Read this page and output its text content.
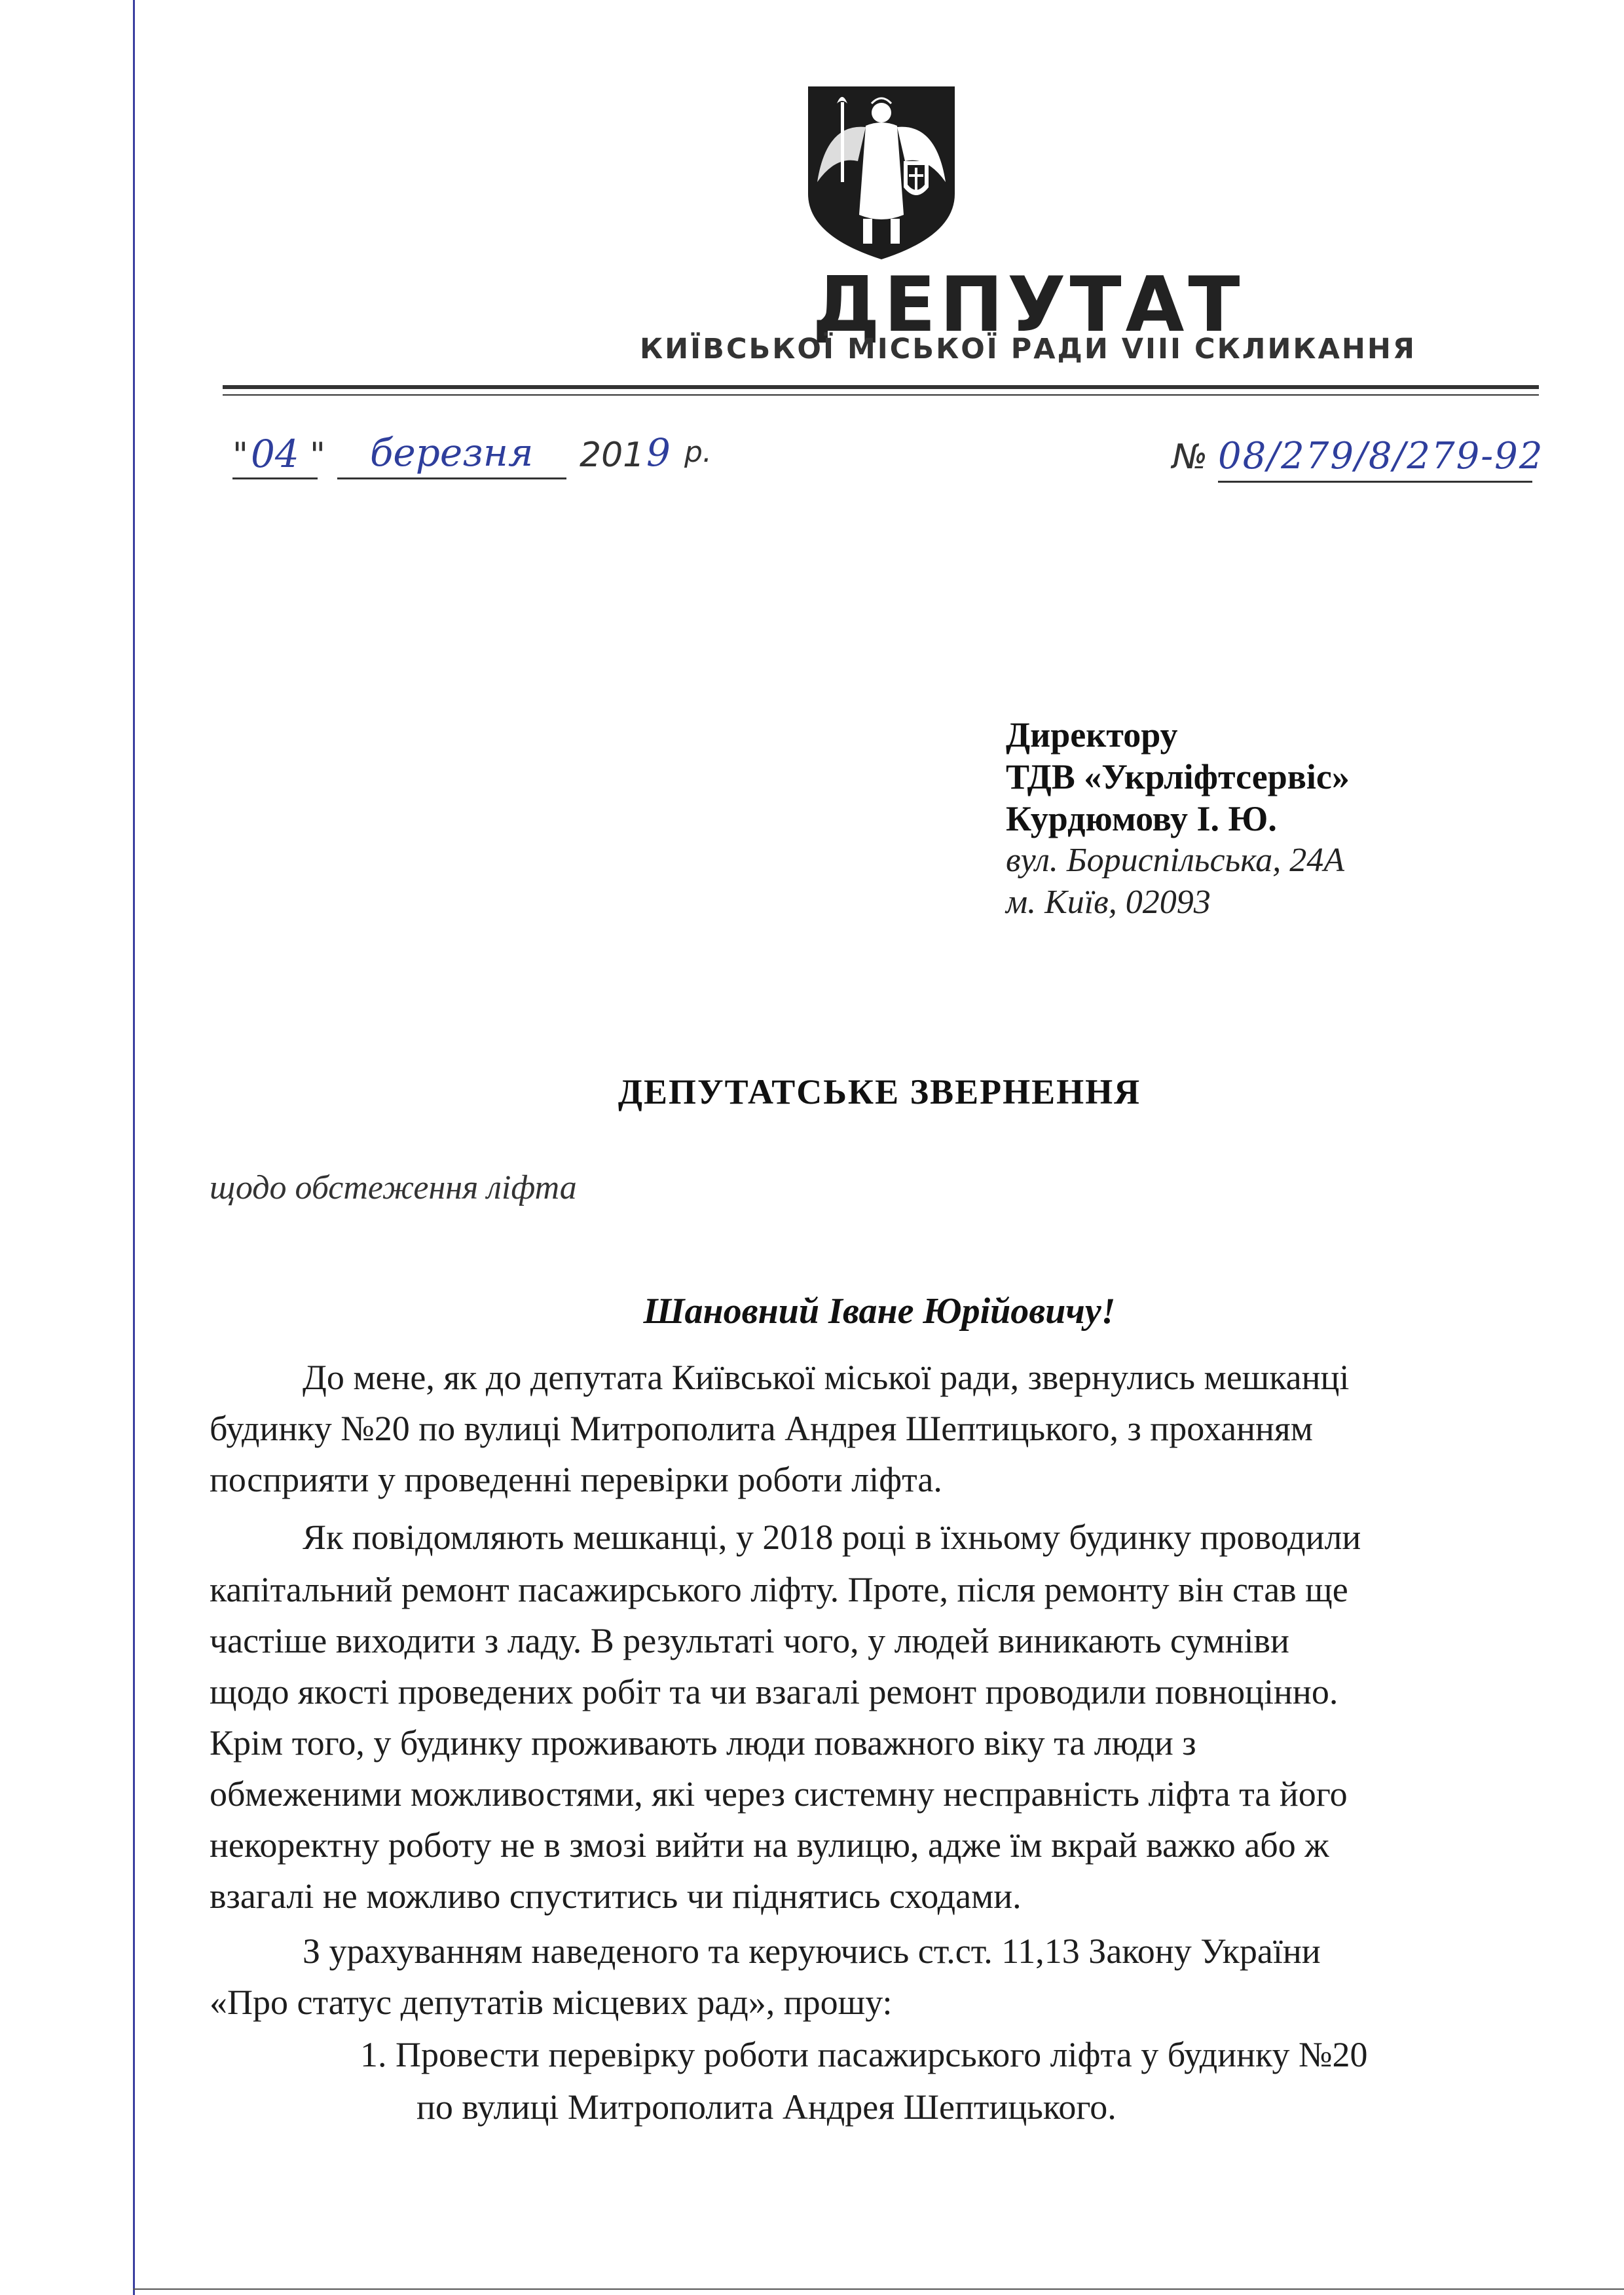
ДЕПУТАТ
КИЇВСЬКОЇ МІСЬКОЇ РАДИ VIII СКЛИКАННЯ
" 04 " березня 201 9 р.	№ 08/279/8/279-92
Директору
ТДВ «Укрліфтсервіс»
Курдюмову І. Ю.
вул. Бориспільська, 24А
м. Київ, 02093
ДЕПУТАТСЬКЕ ЗВЕРНЕННЯ
щодо обстеження ліфта
Шановний Іване Юрійовичу!
До мене, як до депутата Київської міської ради, звернулись мешканці
будинку №20 по вулиці Митрополита Андрея Шептицького, з проханням
посприяти у проведенні перевірки роботи ліфта.
Як повідомляють мешканці, у 2018 році в їхньому будинку проводили
капітальний ремонт пасажирського ліфту. Проте, після ремонту він став ще
частіше виходити з ладу. В результаті чого, у людей виникають сумніви
щодо якості проведених робіт та чи взагалі ремонт проводили повноцінно.
Крім того, у будинку проживають люди поважного віку та люди з
обмеженими можливостями, які через системну несправність ліфта та його
некоректну роботу не в змозі вийти на вулицю, адже їм вкрай важко або ж
взагалі не можливо спуститись чи піднятись сходами.
З урахуванням наведеного та керуючись ст.ст. 11,13 Закону України
«Про статус депутатів місцевих рад», прошу:
1. Провести перевірку роботи пасажирського ліфта у будинку №20
по вулиці Митрополита Андрея Шептицького.
